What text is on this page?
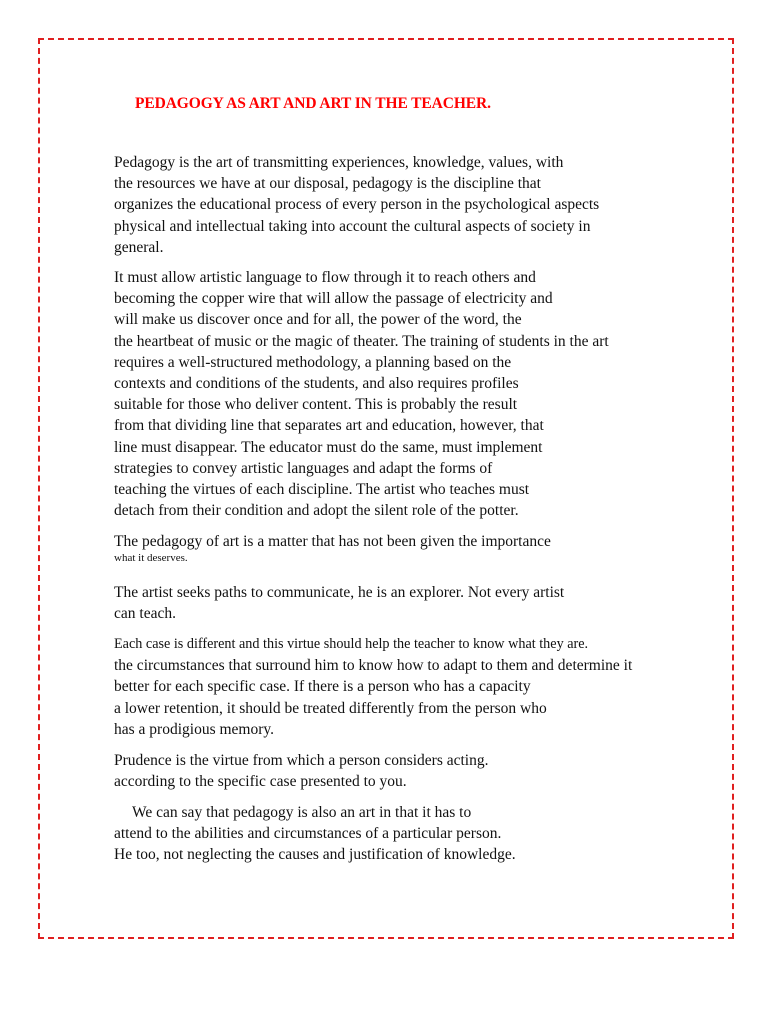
PEDAGOGY AS ART AND ART IN THE TEACHER.
Pedagogy is the art of transmitting experiences, knowledge, values, with
the resources we have at our disposal, pedagogy is the discipline that
organizes the educational process of every person in the psychological aspects
physical and intellectual taking into account the cultural aspects of society in
general.
It must allow artistic language to flow through it to reach others and
becoming the copper wire that will allow the passage of electricity and
will make us discover once and for all, the power of the word, the
the heartbeat of music or the magic of theater. The training of students in the art
requires a well-structured methodology, a planning based on the
contexts and conditions of the students, and also requires profiles
suitable for those who deliver content. This is probably the result
from that dividing line that separates art and education, however, that
line must disappear. The educator must do the same, must implement
strategies to convey artistic languages and adapt the forms of
teaching the virtues of each discipline. The artist who teaches must
detach from their condition and adopt the silent role of the potter.
The pedagogy of art is a matter that has not been given the importance
what it deserves.
The artist seeks paths to communicate, he is an explorer. Not every artist
can teach.
Each case is different and this virtue should help the teacher to know what they are.
the circumstances that surround him to know how to adapt to them and determine it
better for each specific case. If there is a person who has a capacity
a lower retention, it should be treated differently from the person who
has a prodigious memory.
Prudence is the virtue from which a person considers acting.
according to the specific case presented to you.
We can say that pedagogy is also an art in that it has to
attend to the abilities and circumstances of a particular person.
He too, not neglecting the causes and justification of knowledge.
